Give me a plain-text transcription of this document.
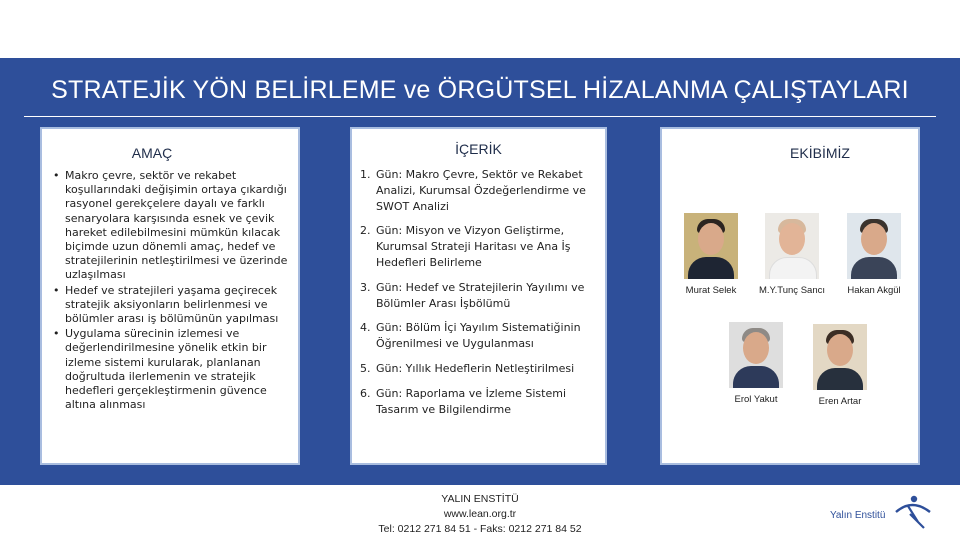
STRATEJİK YÖN BELİRLEME ve ÖRGÜTSEL HİZALANMA ÇALIŞTAYLARI
AMAÇ
• Makro çevre, sektör ve rekabet koşullarındaki değişimin ortaya çıkardığı rasyonel gerekçelere dayalı ve farklı senaryolara karşısında esnek ve çevik hareket edilebilmesini mümkün kılacak biçimde uzun dönemli amaç, hedef ve stratejilerinin netleştirilmesi ve üzerinde uzlaşılması
• Hedef ve stratejileri yaşama geçirecek stratejik aksiyonların belirlenmesi ve bölümler arası iş bölümünün yapılması
• Uygulama sürecinin izlemesi ve değerlendirilmesine yönelik etkin bir izleme sistemi kurularak, planlanan doğrultuda ilerlemenin ve stratejik hedefleri gerçekleştirmenin güvence altına alınması
İÇERİK
1. Gün: Makro Çevre, Sektör ve Rekabet Analizi, Kurumsal Özdeğerlendirme ve SWOT Analizi
2. Gün: Misyon ve Vizyon Geliştirme, Kurumsal Strateji Haritası ve Ana İş Hedefleri Belirleme
3. Gün: Hedef ve Stratejilerin Yayılımı ve Bölümler Arası İşbölümü
4. Gün: Bölüm İçi Yayılım Sistematiğinin Öğrenilmesi ve Uygulanması
5. Gün: Yıllık Hedeflerin Netleştirilmesi
6. Gün: Raporlama ve İzleme Sistemi Tasarım ve Bilgilendirme
EKİBİMİZ
Murat Selek	M.Y.Tunç Sancı	Hakan Akgül
Erol Yakut	Eren Artar
YALIN ENSTİTÜ
www.lean.org.tr
Tel: 0212 271 84 51 - Faks: 0212 271 84 52
Yalın Enstitü
